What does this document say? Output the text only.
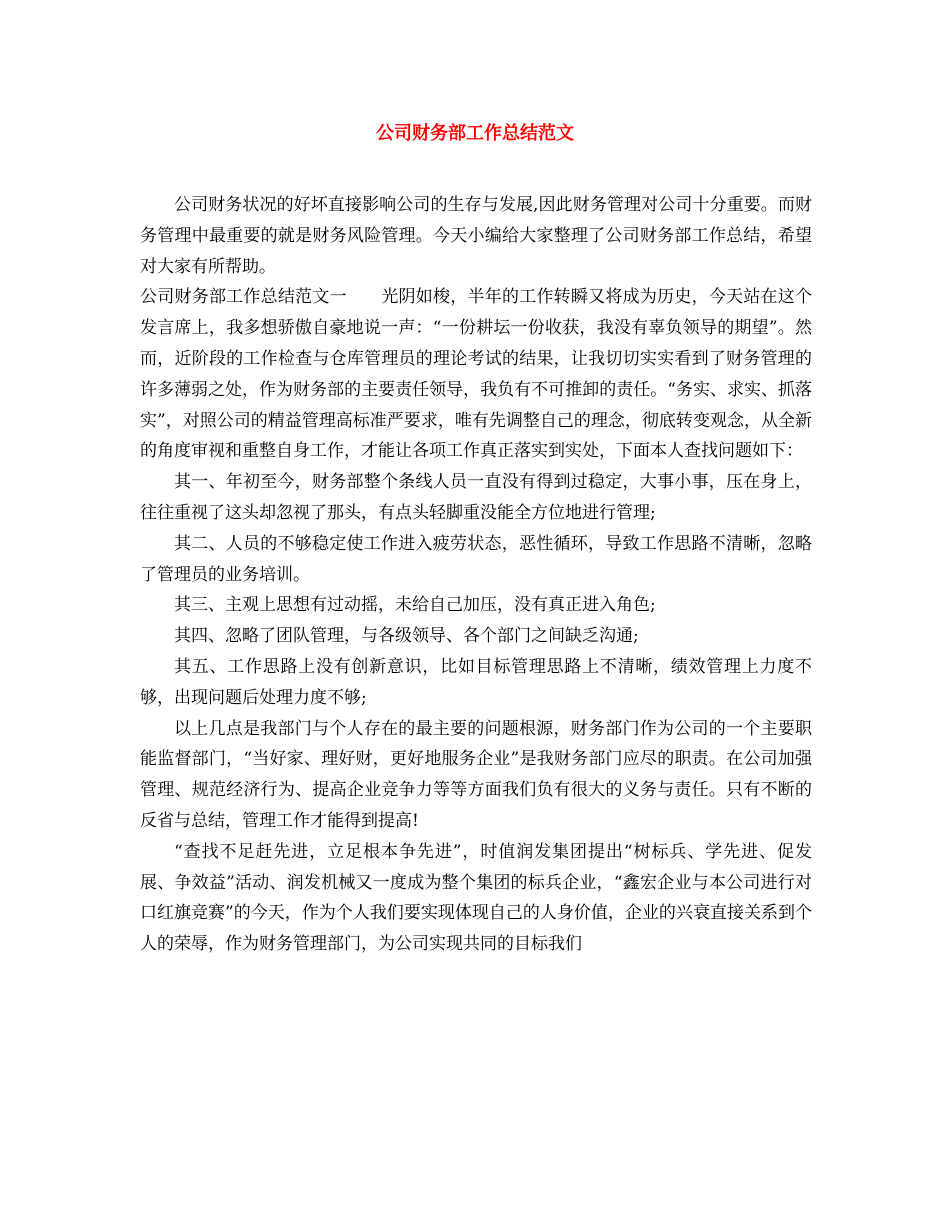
公司财务部工作总结范文

公司财务状况的好坏直接影响公司的生存与发展,因此财务管理对公司十分重要。而财务管理中最重要的就是财务风险管理。今天小编给大家整理了公司财务部工作总结，希望对大家有所帮助。

公司财务部工作总结范文一　　光阴如梭，半年的工作转瞬又将成为历史，今天站在这个发言席上，我多想骄傲自豪地说一声：“一份耕坛一份收获，我没有辜负领导的期望”。然而，近阶段的工作检查与仓库管理员的理论考试的结果，让我切切实实看到了财务管理的许多薄弱之处，作为财务部的主要责任领导，我负有不可推卸的责任。“务实、求实、抓落实”，对照公司的精益管理高标准严要求，唯有先调整自己的理念，彻底转变观念，从全新的角度审视和重整自身工作，才能让各项工作真正落实到实处，下面本人查找问题如下：

其一、年初至今，财务部整个条线人员一直没有得到过稳定，大事小事，压在身上，往往重视了这头却忽视了那头，有点头轻脚重没能全方位地进行管理;

其二、人员的不够稳定使工作进入疲劳状态，恶性循环，导致工作思路不清晰，忽略了管理员的业务培训。

其三、主观上思想有过动摇，未给自己加压，没有真正进入角色;

其四、忽略了团队管理，与各级领导、各个部门之间缺乏沟通;

其五、工作思路上没有创新意识，比如目标管理思路上不清晰，绩效管理上力度不够，出现问题后处理力度不够;

以上几点是我部门与个人存在的最主要的问题根源，财务部门作为公司的一个主要职能监督部门，“当好家、理好财，更好地服务企业”是我财务部门应尽的职责。在公司加强管理、规范经济行为、提高企业竞争力等等方面我们负有很大的义务与责任。只有不断的反省与总结，管理工作才能得到提高!

“查找不足赶先进，立足根本争先进”，时值润发集团提出“树标兵、学先进、促发展、争效益”活动、润发机械又一度成为整个集团的标兵企业，“鑫宏企业与本公司进行对口红旗竞赛”的今天，作为个人我们要实现体现自己的人身价值，企业的兴衰直接关系到个人的荣辱，作为财务管理部门，为公司实现共同的目标我们
